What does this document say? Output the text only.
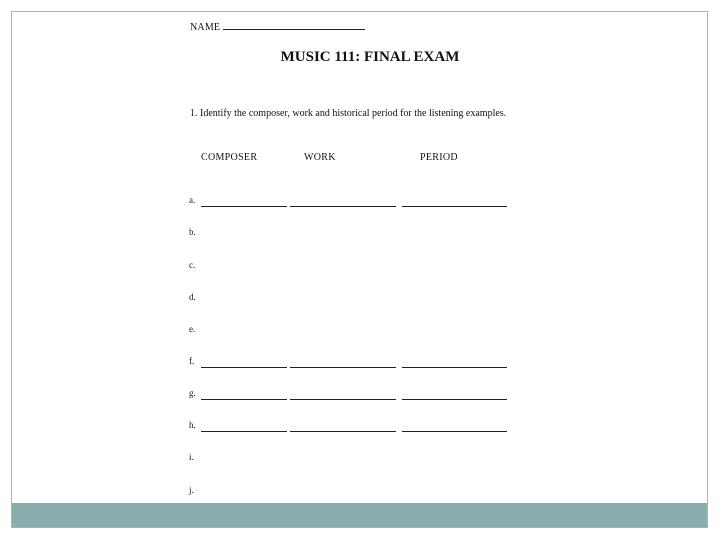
NAME
MUSIC 111: FINAL EXAM
1. Identify the composer, work and historical period for the listening examples.
COMPOSER	WORK	PERIOD
a.
b.
c.
d.
e.
f.
g.
h.
i.
j.
